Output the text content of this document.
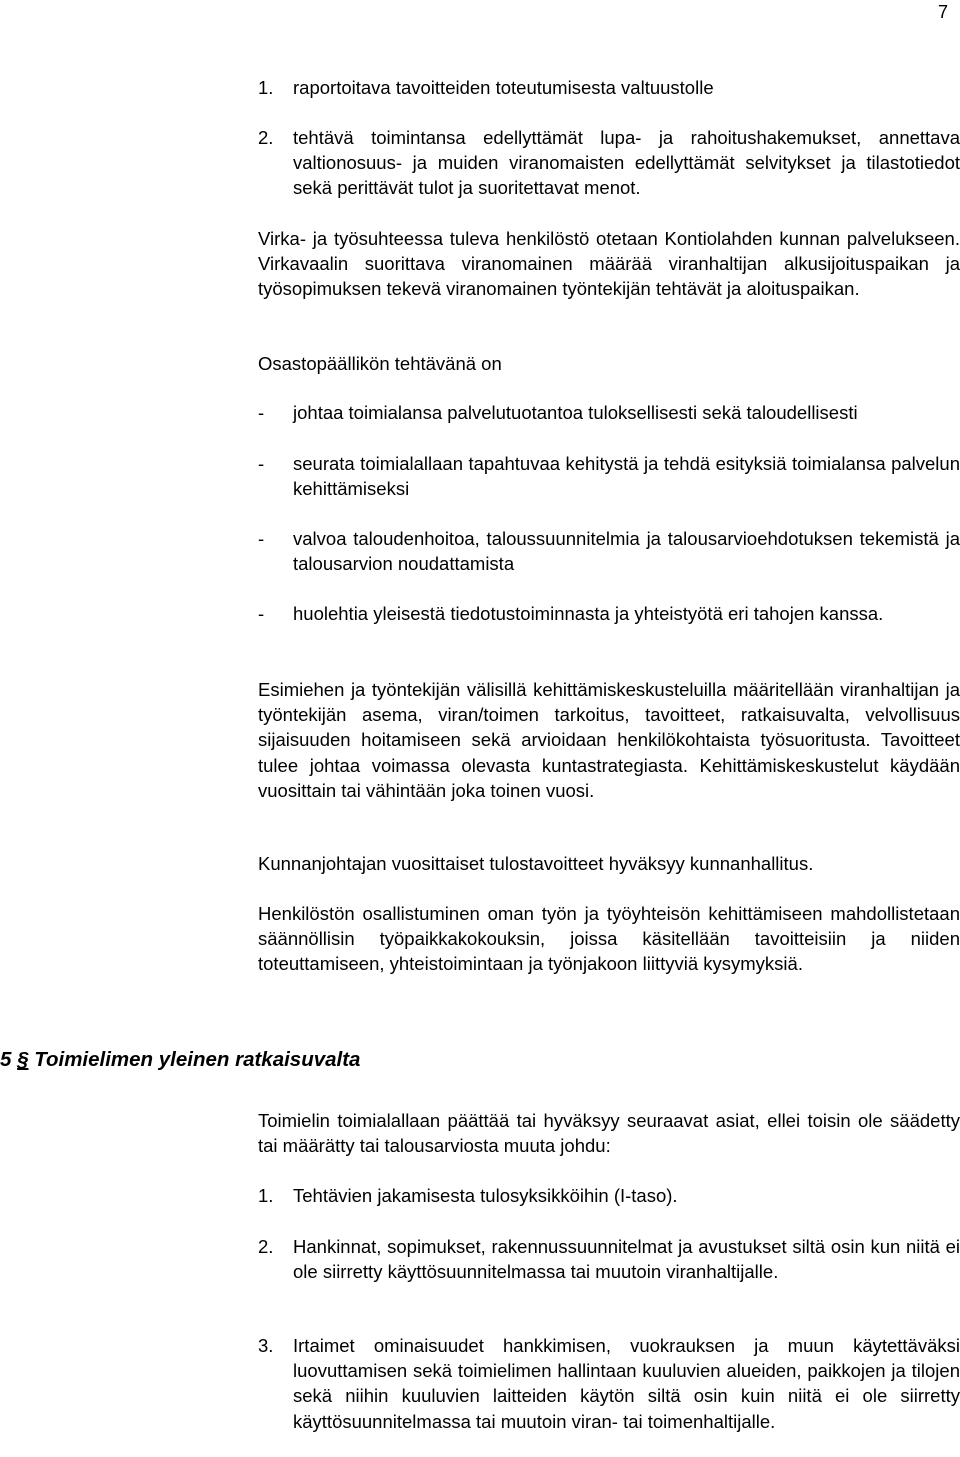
7
1. raportoitava tavoitteiden toteutumisesta valtuustolle
2. tehtävä toimintansa edellyttämät lupa- ja rahoitushakemukset, annettava valtionosuus- ja muiden viranomaisten edellyttämät selvitykset ja tilastotiedot sekä perittävät tulot ja suoritettavat menot.
Virka- ja työsuhteessa tuleva henkilöstö otetaan Kontiolahden kunnan palvelukseen. Virkavaalin suorittava viranomainen määrää viranhaltijan alkusijoituspaikan ja työsopimuksen tekevä viranomainen työntekijän tehtävät ja aloituspaikan.
Osastopäällikön tehtävänä on
- johtaa toimialansa palvelutuotantoa tuloksellisesti sekä taloudellisesti
- seurata toimialallaan tapahtuvaa kehitystä ja tehdä esityksiä toimialansa palvelun kehittämiseksi
- valvoa taloudenhoitoa, taloussuunnitelmia ja talousarvioehdotuksen tekemistä ja talousarvion noudattamista
- huolehtia yleisestä tiedotustoiminnasta ja yhteistyötä eri tahojen kanssa.
Esimiehen ja työntekijän välisillä kehittämiskeskusteluilla määritellään viranhaltijan ja työntekijän asema, viran/toimen tarkoitus, tavoitteet, ratkaisuvalta, velvollisuus sijaisuuden hoitamiseen sekä arvioidaan henkilökohtaista työsuoritusta. Tavoitteet tulee johtaa voimassa olevasta kuntastrategiasta. Kehittämiskeskustelut käydään vuosittain tai vähintään joka toinen vuosi.
Kunnanjohtajan vuosittaiset tulostavoitteet hyväksyy kunnanhallitus.
Henkilöstön osallistuminen oman työn ja työyhteisön kehittämiseen mahdollistetaan säännöllisin työpaikkakokouksin, joissa käsitellään tavoitteisiin ja niiden toteuttamiseen, yhteistoimintaan ja työnjakoon liittyviä kysymyksiä.
5 § Toimielimen yleinen ratkaisuvalta
Toimielin toimialallaan päättää tai hyväksyy seuraavat asiat, ellei toisin ole säädetty tai määrätty tai talousarviosta muuta johdu:
1. Tehtävien jakamisesta tulosyksikköihin (I-taso).
2. Hankinnat, sopimukset, rakennussuunnitelmat ja avustukset siltä osin kun niitä ei ole siirretty käyttösuunnitelmassa tai muutoin viranhaltijalle.
3. Irtaimet ominaisuudet hankkimisen, vuokrauksen ja muun käytettäväksi luovuttamisen sekä toimielimen hallintaan kuuluvien alueiden, paikkojen ja tilojen sekä niihin kuuluvien laitteiden käytön siltä osin kuin niitä ei ole siirretty käyttösuunnitelmassa tai muutoin viran- tai toimenhaltijalle.
